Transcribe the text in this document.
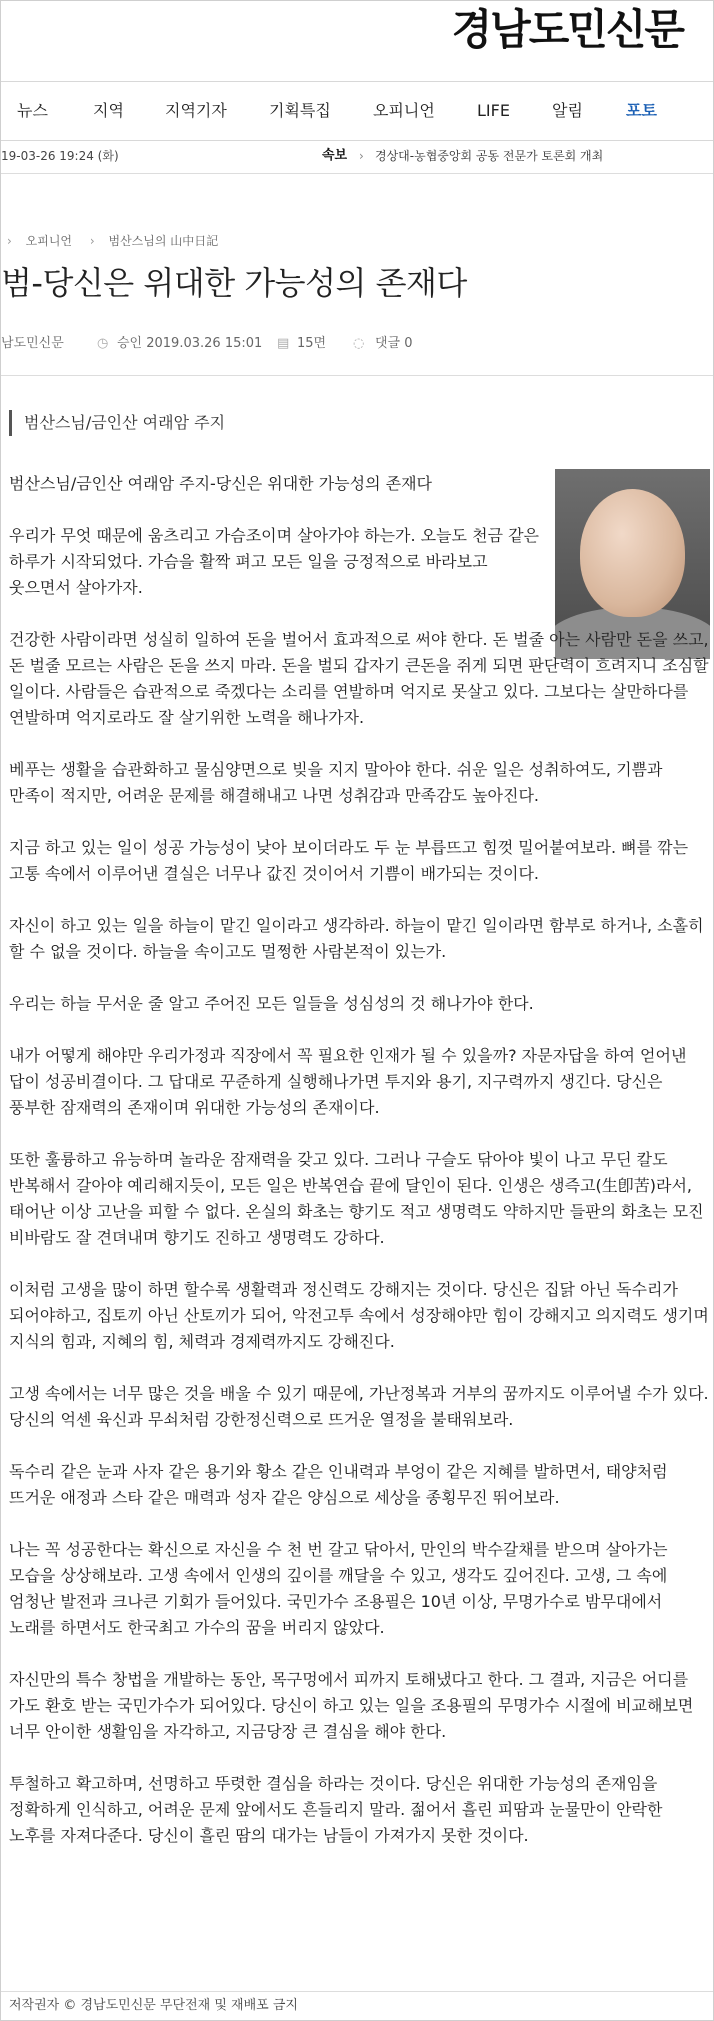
경남도민신문
뉴스	지역	지역기자	기획특집	오피니언	LIFE	알림	포토
19-03-26 19:24 (화)	속보 › 경상대-농협중앙회 공동 전문가 토론회 개최
› 오피니언 › 범산스님의 山中日記
범-당신은 위대한 가능성의 존재다
남도민신문	◷ 승인 2019.03.26 15:01 ▤ 15면 ◌ 댓글 0
범산스님/금인산 여래암 주지

범산스님/금인산 여래암 주지-당신은 위대한 가능성의 존재다

우리가 무엇 때문에 움츠리고 가슴조이며 살아가야 하는가. 오늘도 천금 같은 하루가 시작되었다. 가슴을 활짝 펴고 모든 일을 긍정적으로 바라보고 웃으면서 살아가자.

건강한 사람이라면 성실히 일하여 돈을 벌어서 효과적으로 써야 한다. 돈 벌줄 아는 사람만 돈을 쓰고, 돈 벌줄 모르는 사람은 돈을 쓰지 마라. 돈을 벌되 갑자기 큰돈을 쥐게 되면 판단력이 흐려지니 조심할 일이다. 사람들은 습관적으로 죽겠다는 소리를 연발하며 억지로 못살고 있다. 그보다는 살만하다를 연발하며 억지로라도 잘 살기위한 노력을 해나가자.

베푸는 생활을 습관화하고 물심양면으로 빚을 지지 말아야 한다. 쉬운 일은 성취하여도, 기쁨과 만족이 적지만, 어려운 문제를 해결해내고 나면 성취감과 만족감도 높아진다.

지금 하고 있는 일이 성공 가능성이 낮아 보이더라도 두 눈 부릅뜨고 힘껏 밀어붙여보라. 뼈를 깎는 고통 속에서 이루어낸 결실은 너무나 값진 것이어서 기쁨이 배가되는 것이다.

자신이 하고 있는 일을 하늘이 맡긴 일이라고 생각하라. 하늘이 맡긴 일이라면 함부로 하거나, 소홀히 할 수 없을 것이다. 하늘을 속이고도 멀쩡한 사람본적이 있는가.

우리는 하늘 무서운 줄 알고 주어진 모든 일들을 성심성의 것 해나가야 한다.

내가 어떻게 해야만 우리가정과 직장에서 꼭 필요한 인재가 될 수 있을까? 자문자답을 하여 얻어낸 답이 성공비결이다. 그 답대로 꾸준하게 실행해나가면 투지와 용기, 지구력까지 생긴다. 당신은 풍부한 잠재력의 존재이며 위대한 가능성의 존재이다.

또한 훌륭하고 유능하며 놀라운 잠재력을 갖고 있다. 그러나 구슬도 닦아야 빛이 나고 무딘 칼도 반복해서 갈아야 예리해지듯이, 모든 일은 반복연습 끝에 달인이 된다. 인생은 생즉고(生卽苦)라서, 태어난 이상 고난을 피할 수 없다. 온실의 화초는 향기도 적고 생명력도 약하지만 들판의 화초는 모진 비바람도 잘 견뎌내며 향기도 진하고 생명력도 강하다.

이처럼 고생을 많이 하면 할수록 생활력과 정신력도 강해지는 것이다. 당신은 집닭 아닌 독수리가 되어야하고, 집토끼 아닌 산토끼가 되어, 악전고투 속에서 성장해야만 힘이 강해지고 의지력도 생기며 지식의 힘과, 지혜의 힘, 체력과 경제력까지도 강해진다.

고생 속에서는 너무 많은 것을 배울 수 있기 때문에, 가난정복과 거부의 꿈까지도 이루어낼 수가 있다. 당신의 억센 육신과 무쇠처럼 강한정신력으로 뜨거운 열정을 불태워보라.

독수리 같은 눈과 사자 같은 용기와 황소 같은 인내력과 부엉이 같은 지혜를 발하면서, 태양처럼 뜨거운 애정과 스타 같은 매력과 성자 같은 양심으로 세상을 종횡무진 뛰어보라.

나는 꼭 성공한다는 확신으로 자신을 수 천 번 갈고 닦아서, 만인의 박수갈채를 받으며 살아가는 모습을 상상해보라. 고생 속에서 인생의 깊이를 깨달을 수 있고, 생각도 깊어진다. 고생, 그 속에 엄청난 발전과 크나큰 기회가 들어있다. 국민가수 조용필은 10년 이상, 무명가수로 밤무대에서 노래를 하면서도 한국최고 가수의 꿈을 버리지 않았다.

자신만의 특수 창법을 개발하는 동안, 목구멍에서 피까지 토해냈다고 한다. 그 결과, 지금은 어디를 가도 환호 받는 국민가수가 되어있다. 당신이 하고 있는 일을 조용필의 무명가수 시절에 비교해보면 너무 안이한 생활임을 자각하고, 지금당장 큰 결심을 해야 한다.

투철하고 확고하며, 선명하고 뚜렷한 결심을 하라는 것이다. 당신은 위대한 가능성의 존재임을 정확하게 인식하고, 어려운 문제 앞에서도 흔들리지 말라. 젊어서 흘린 피땀과 눈물만이 안락한 노후를 자져다준다. 당신이 흘린 땀의 대가는 남들이 가져가지 못한 것이다.

저작권자 © 경남도민신문 무단전재 및 재배포 금지
